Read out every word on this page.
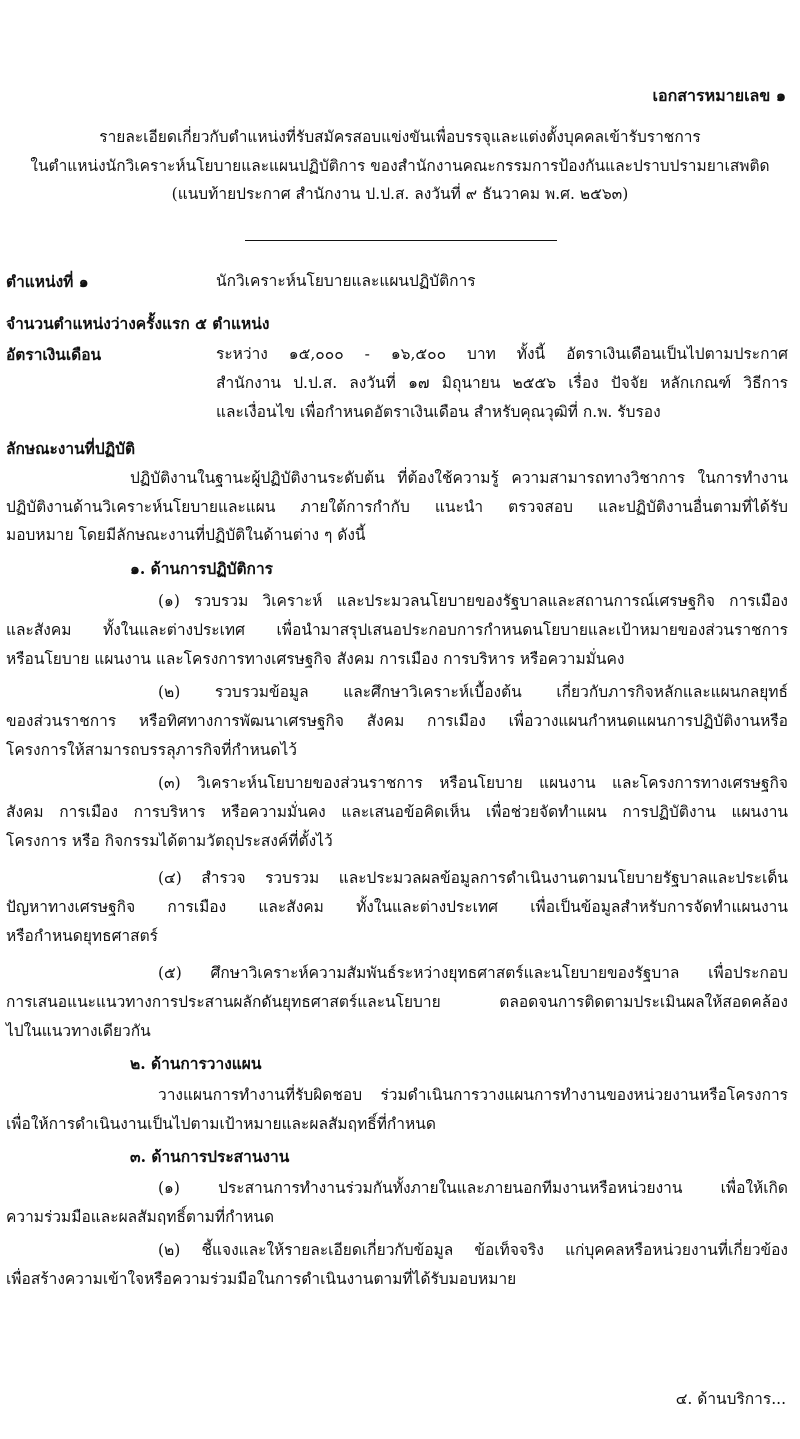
เอกสารหมายเลข ๑
รายละเอียดเกี่ยวกับตำแหน่งที่รับสมัครสอบแข่งขันเพื่อบรรจุและแต่งตั้งบุคคลเข้ารับราชการ
ในตำแหน่งนักวิเคราะห์นโยบายและแผนปฏิบัติการ ของสำนักงานคณะกรรมการป้องกันและปราบปรามยาเสพติด
(แนบท้ายประกาศ สำนักงาน ป.ป.ส. ลงวันที่ ๙ ธันวาคม พ.ศ. ๒๕๖๓)
ตำแหน่งที่ ๑	นักวิเคราะห์นโยบายและแผนปฏิบัติการ
จำนวนตำแหน่งว่างครั้งแรก ๕ ตำแหน่ง
อัตราเงินเดือน	ระหว่าง ๑๕,๐๐๐ - ๑๖,๕๐๐ บาท ทั้งนี้ อัตราเงินเดือนเป็นไปตามประกาศ
สำนักงาน ป.ป.ส. ลงวันที่ ๑๗ มิถุนายน ๒๕๕๖ เรื่อง ปัจจัย หลักเกณฑ์ วิธีการ
และเงื่อนไข เพื่อกำหนดอัตราเงินเดือน สำหรับคุณวุฒิที่ ก.พ. รับรอง
ลักษณะงานที่ปฏิบัติ
ปฏิบัติงานในฐานะผู้ปฏิบัติงานระดับต้น ที่ต้องใช้ความรู้ ความสามารถทางวิชาการ ในการทำงาน
ปฏิบัติงานด้านวิเคราะห์นโยบายและแผน ภายใต้การกำกับ แนะนำ ตรวจสอบ และปฏิบัติงานอื่นตามที่ได้รับ
มอบหมาย โดยมีลักษณะงานที่ปฏิบัติในด้านต่าง ๆ ดังนี้
๑. ด้านการปฏิบัติการ
(๑) รวบรวม วิเคราะห์ และประมวลนโยบายของรัฐบาลและสถานการณ์เศรษฐกิจ การเมือง
และสังคม ทั้งในและต่างประเทศ เพื่อนำมาสรุปเสนอประกอบการกำหนดนโยบายและเป้าหมายของส่วนราชการ
หรือนโยบาย แผนงาน และโครงการทางเศรษฐกิจ สังคม การเมือง การบริหาร หรือความมั่นคง
(๒) รวบรวมข้อมูล และศึกษาวิเคราะห์เบื้องต้น เกี่ยวกับภารกิจหลักและแผนกลยุทธ์
ของส่วนราชการ หรือทิศทางการพัฒนาเศรษฐกิจ สังคม การเมือง เพื่อวางแผนกำหนดแผนการปฏิบัติงานหรือ
โครงการให้สามารถบรรลุภารกิจที่กำหนดไว้
(๓) วิเคราะห์นโยบายของส่วนราชการ หรือนโยบาย แผนงาน และโครงการทางเศรษฐกิจ
สังคม การเมือง การบริหาร หรือความมั่นคง และเสนอข้อคิดเห็น เพื่อช่วยจัดทำแผน การปฏิบัติงาน แผนงาน
โครงการ หรือ กิจกรรมได้ตามวัตถุประสงค์ที่ตั้งไว้
(๔) สำรวจ รวบรวม และประมวลผลข้อมูลการดำเนินงานตามนโยบายรัฐบาลและประเด็น
ปัญหาทางเศรษฐกิจ การเมือง และสังคม ทั้งในและต่างประเทศ เพื่อเป็นข้อมูลสำหรับการจัดทำแผนงาน
หรือกำหนดยุทธศาสตร์
(๕) ศึกษาวิเคราะห์ความสัมพันธ์ระหว่างยุทธศาสตร์และนโยบายของรัฐบาล เพื่อประกอบ
การเสนอแนะแนวทางการประสานผลักดันยุทธศาสตร์และนโยบาย ตลอดจนการติดตามประเมินผลให้สอดคล้อง
ไปในแนวทางเดียวกัน
๒. ด้านการวางแผน
วางแผนการทำงานที่รับผิดชอบ ร่วมดำเนินการวางแผนการทำงานของหน่วยงานหรือโครงการ
เพื่อให้การดำเนินงานเป็นไปตามเป้าหมายและผลสัมฤทธิ์ที่กำหนด
๓. ด้านการประสานงาน
(๑) ประสานการทำงานร่วมกันทั้งภายในและภายนอกทีมงานหรือหน่วยงาน เพื่อให้เกิด
ความร่วมมือและผลสัมฤทธิ์ตามที่กำหนด
(๒) ชี้แจงและให้รายละเอียดเกี่ยวกับข้อมูล ข้อเท็จจริง แก่บุคคลหรือหน่วยงานที่เกี่ยวข้อง
เพื่อสร้างความเข้าใจหรือความร่วมมือในการดำเนินงานตามที่ได้รับมอบหมาย
๔. ด้านบริการ...
